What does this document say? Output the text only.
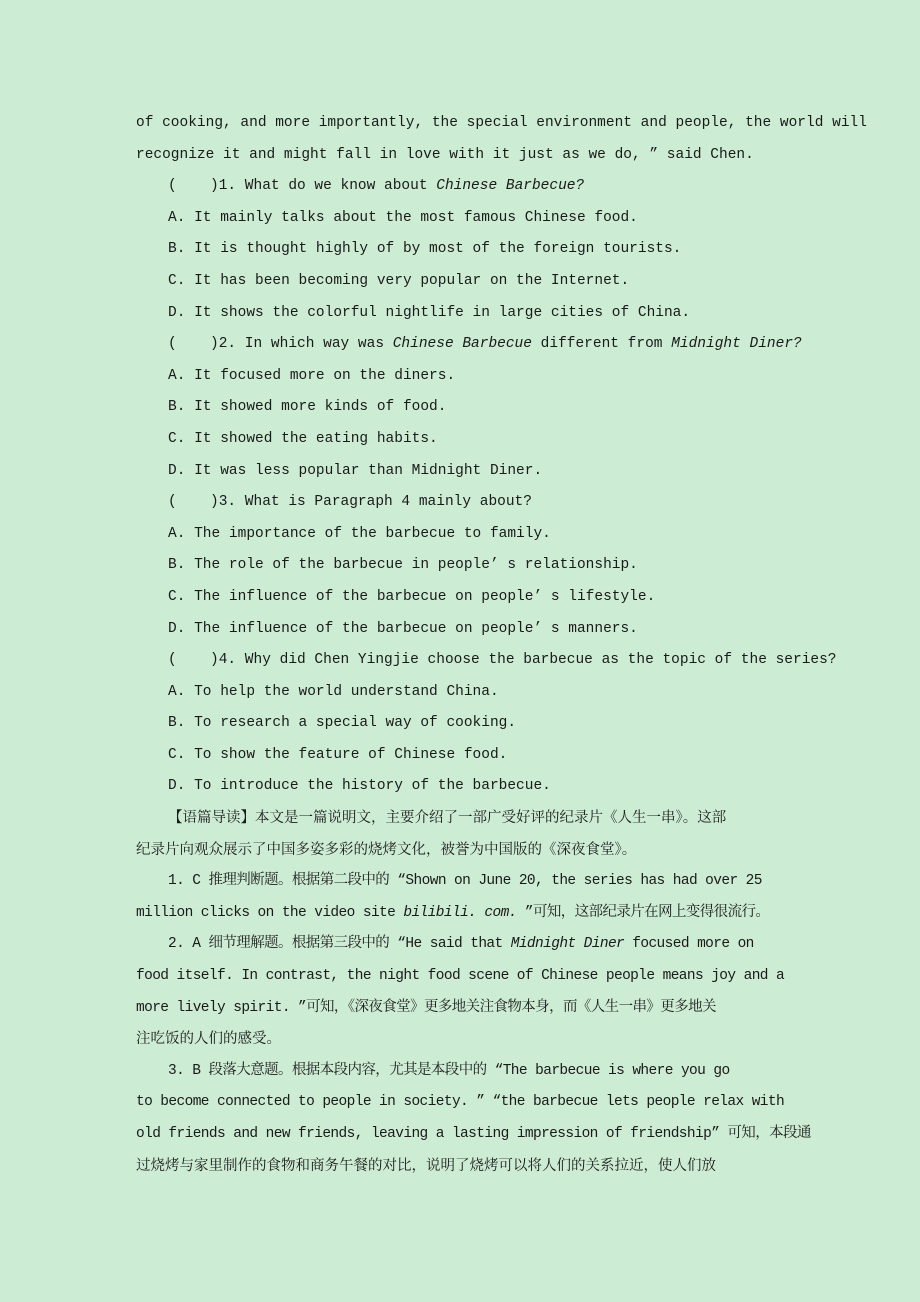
of cooking, and more importantly, the special environment and people, the world will
recognize it and might fall in love with it just as we do, ” said Chen.
( )1. What do we know about Chinese Barbecue?
A. It mainly talks about the most famous Chinese food.
B. It is thought highly of by most of the foreign tourists.
C. It has been becoming very popular on the Internet.
D. It shows the colorful nightlife in large cities of China.
( )2. In which way was Chinese Barbecue different from Midnight Diner?
A. It focused more on the diners.
B. It showed more kinds of food.
C. It showed the eating habits.
D. It was less popular than Midnight Diner.
( )3. What is Paragraph 4 mainly about?
A. The importance of the barbecue to family.
B. The role of the barbecue in people’ s relationship.
C. The influence of the barbecue on people’ s lifestyle.
D. The influence of the barbecue on people’ s manners.
( )4. Why did Chen Yingjie choose the barbecue as the topic of the series?
A. To help the world understand China.
B. To research a special way of cooking.
C. To show the feature of Chinese food.
D. To introduce the history of the barbecue.
【语篇导读】本文是一篇说明文，主要介绍了一部广受好评的纪录片《人生一串》。这部
纪录片向观众展示了中国多姿多彩的烧烤文化，被誉为中国版的《深夜食堂》。
1. C 推理判断题。根据第二段中的 “Shown on June 20, the series has had over 25
million clicks on the video site bilibili. com. ”可知，这部纪录片在网上变得很流行。
2. A 细节理解题。根据第三段中的 “He said that Midnight Diner focused more on
food itself. In contrast, the night food scene of Chinese people means joy and a
more lively spirit. ”可知，《深夜食堂》更多地关注食物本身，而《人生一串》更多地关
注吃饭的人们的感受。
3. B 段落大意题。根据本段内容，尤其是本段中的 “The barbecue is where you go
to become connected to people in society. ” “the barbecue lets people relax with
old friends and new friends, leaving a lasting impression of friendship” 可知，本段通
过烧烤与家里制作的食物和商务午餐的对比，说明了烧烤可以将人们的关系拉近，使人们放
